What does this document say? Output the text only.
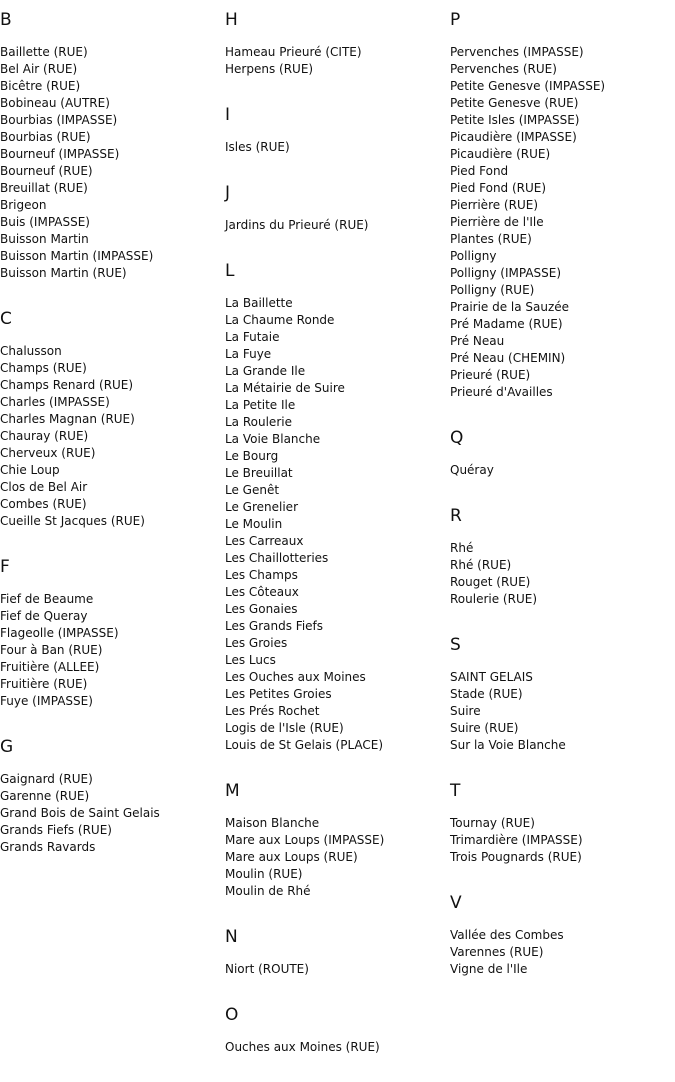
B
Baillette (RUE)
Bel Air (RUE)
Bicêtre (RUE)
Bobineau (AUTRE)
Bourbias (IMPASSE)
Bourbias (RUE)
Bourneuf (IMPASSE)
Bourneuf (RUE)
Breuillat (RUE)
Brigeon
Buis (IMPASSE)
Buisson Martin
Buisson Martin (IMPASSE)
Buisson Martin (RUE)
C
Chalusson
Champs (RUE)
Champs Renard (RUE)
Charles (IMPASSE)
Charles Magnan (RUE)
Chauray (RUE)
Cherveux (RUE)
Chie Loup
Clos de Bel Air
Combes (RUE)
Cueille St Jacques (RUE)
F
Fief de Beaume
Fief de Queray
Flageolle (IMPASSE)
Four à Ban (RUE)
Fruitière (ALLEE)
Fruitière (RUE)
Fuye (IMPASSE)
G
Gaignard (RUE)
Garenne (RUE)
Grand Bois de Saint Gelais
Grands Fiefs (RUE)
Grands Ravards
H
Hameau Prieuré (CITE)
Herpens (RUE)
I
Isles (RUE)
J
Jardins du Prieuré (RUE)
L
La Baillette
La Chaume Ronde
La Futaie
La Fuye
La Grande Ile
La Métairie de Suire
La Petite Ile
La Roulerie
La Voie Blanche
Le Bourg
Le Breuillat
Le Genêt
Le Grenelier
Le Moulin
Les Carreaux
Les Chaillotteries
Les Champs
Les Côteaux
Les Gonaies
Les Grands Fiefs
Les Groies
Les Lucs
Les Ouches aux Moines
Les Petites Groies
Les Prés Rochet
Logis de l'Isle (RUE)
Louis de St Gelais (PLACE)
M
Maison Blanche
Mare aux Loups (IMPASSE)
Mare aux Loups (RUE)
Moulin (RUE)
Moulin de Rhé
N
Niort (ROUTE)
O
Ouches aux Moines (RUE)
P
Pervenches (IMPASSE)
Pervenches (RUE)
Petite Genesve (IMPASSE)
Petite Genesve (RUE)
Petite Isles (IMPASSE)
Picaudière (IMPASSE)
Picaudière (RUE)
Pied Fond
Pied Fond (RUE)
Pierrière (RUE)
Pierrière de l'Ile
Plantes (RUE)
Polligny
Polligny (IMPASSE)
Polligny (RUE)
Prairie de la Sauzée
Pré Madame (RUE)
Pré Neau
Pré Neau (CHEMIN)
Prieuré (RUE)
Prieuré d'Availles
Q
Quéray
R
Rhé
Rhé (RUE)
Rouget (RUE)
Roulerie (RUE)
S
SAINT GELAIS
Stade (RUE)
Suire
Suire (RUE)
Sur la Voie Blanche
T
Tournay (RUE)
Trimardière (IMPASSE)
Trois Pougnards (RUE)
V
Vallée des Combes
Varennes (RUE)
Vigne de l'Ile
